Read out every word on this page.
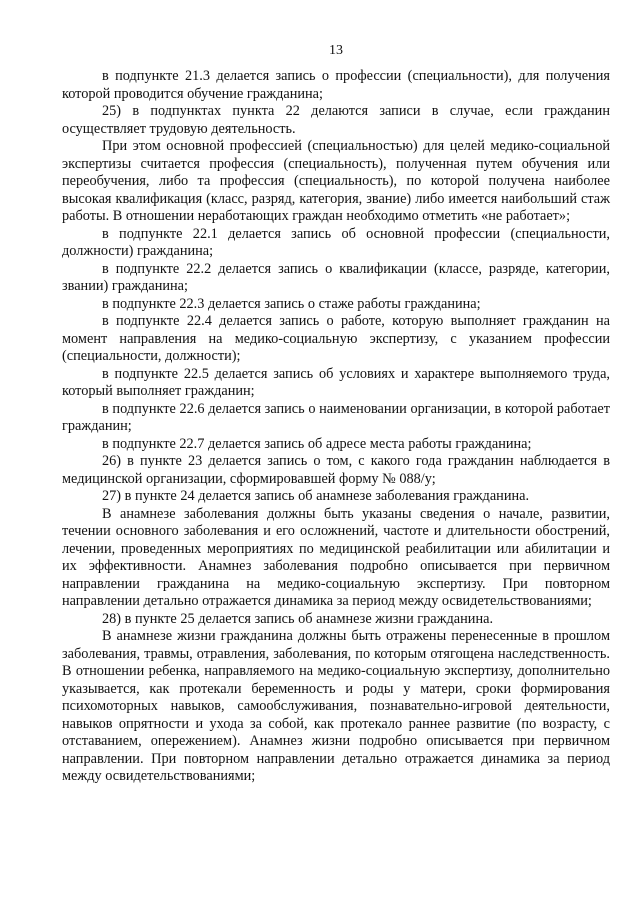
13

в подпункте 21.3 делается запись о профессии (специальности), для получения которой проводится обучение гражданина;

25) в подпунктах пункта 22 делаются записи в случае, если гражданин осуществляет трудовую деятельность.

При этом основной профессией (специальностью) для целей медико-социальной экспертизы считается профессия (специальность), полученная путем обучения или переобучения, либо та профессия (специальность), по которой получена наиболее высокая квалификация (класс, разряд, категория, звание) либо имеется наибольший стаж работы. В отношении неработающих граждан необходимо отметить «не работает»;

в подпункте 22.1 делается запись об основной профессии (специальности, должности) гражданина;

в подпункте 22.2 делается запись о квалификации (классе, разряде, категории, звании) гражданина;

в подпункте 22.3 делается запись о стаже работы гражданина;

в подпункте 22.4 делается запись о работе, которую выполняет гражданин на момент направления на медико-социальную экспертизу, с указанием профессии (специальности, должности);

в подпункте 22.5 делается запись об условиях и характере выполняемого труда, который выполняет гражданин;

в подпункте 22.6 делается запись о наименовании организации, в которой работает гражданин;

в подпункте 22.7 делается запись об адресе места работы гражданина;

26) в пункте 23 делается запись о том, с какого года гражданин наблюдается в медицинской организации, сформировавшей форму № 088/у;

27) в пункте 24 делается запись об анамнезе заболевания гражданина.

В анамнезе заболевания должны быть указаны сведения о начале, развитии, течении основного заболевания и его осложнений, частоте и длительности обострений, лечении, проведенных мероприятиях по медицинской реабилитации или абилитации и их эффективности. Анамнез заболевания подробно описывается при первичном направлении гражданина на медико-социальную экспертизу. При повторном направлении детально отражается динамика за период между освидетельствованиями;

28) в пункте 25 делается запись об анамнезе жизни гражданина.

В анамнезе жизни гражданина должны быть отражены перенесенные в прошлом заболевания, травмы, отравления, заболевания, по которым отягощена наследственность. В отношении ребенка, направляемого на медико-социальную экспертизу, дополнительно указывается, как протекали беременность и роды у матери, сроки формирования психомоторных навыков, самообслуживания, познавательно-игровой деятельности, навыков опрятности и ухода за собой, как протекало раннее развитие (по возрасту, с отставанием, опережением). Анамнез жизни подробно описывается при первичном направлении. При повторном направлении детально отражается динамика за период между освидетельствованиями;
